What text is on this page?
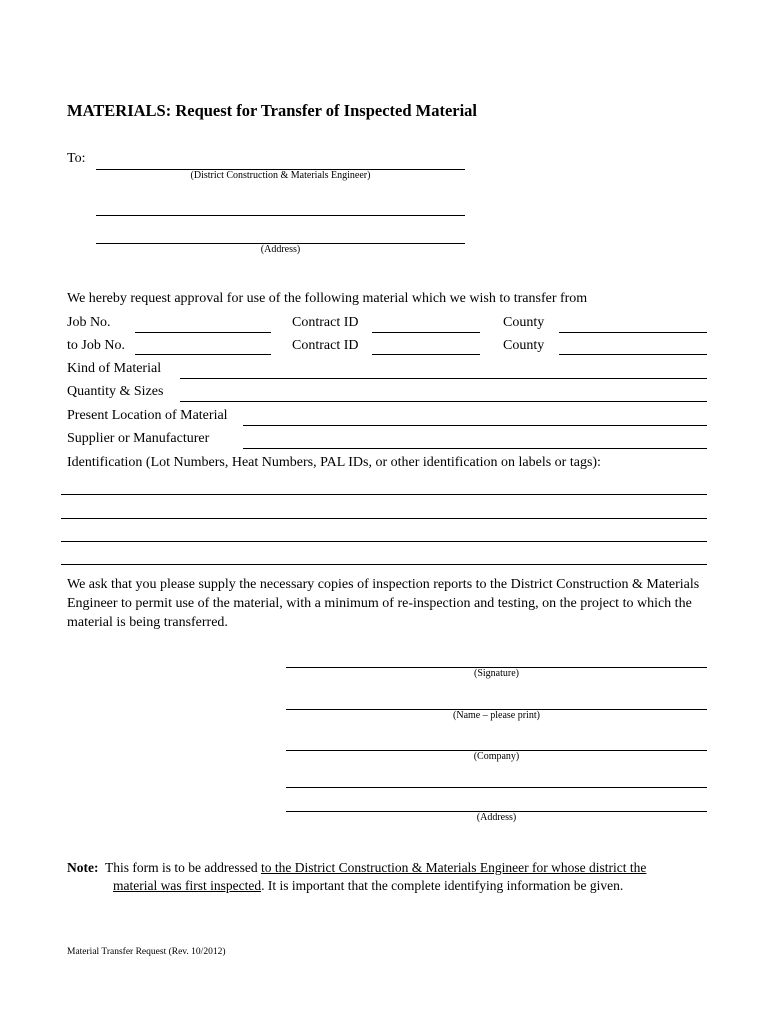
MATERIALS: Request for Transfer of Inspected Material
To:
(District Construction & Materials Engineer)
(Address)
We hereby request approval for use of the following material which we wish to transfer from
Job No.	Contract ID	County
to Job No.	Contract ID	County
Kind of Material
Quantity & Sizes
Present Location of Material
Supplier or Manufacturer
Identification (Lot Numbers, Heat Numbers, PAL IDs, or other identification on labels or tags):
We ask that you please supply the necessary copies of inspection reports to the District Construction & Materials Engineer to permit use of the material, with a minimum of re-inspection and testing, on the project to which the material is being transferred.
(Signature)
(Name – please print)
(Company)
(Address)
Note: This form is to be addressed to the District Construction & Materials Engineer for whose district the
material was first inspected. It is important that the complete identifying information be given.
Material Transfer Request (Rev. 10/2012)
